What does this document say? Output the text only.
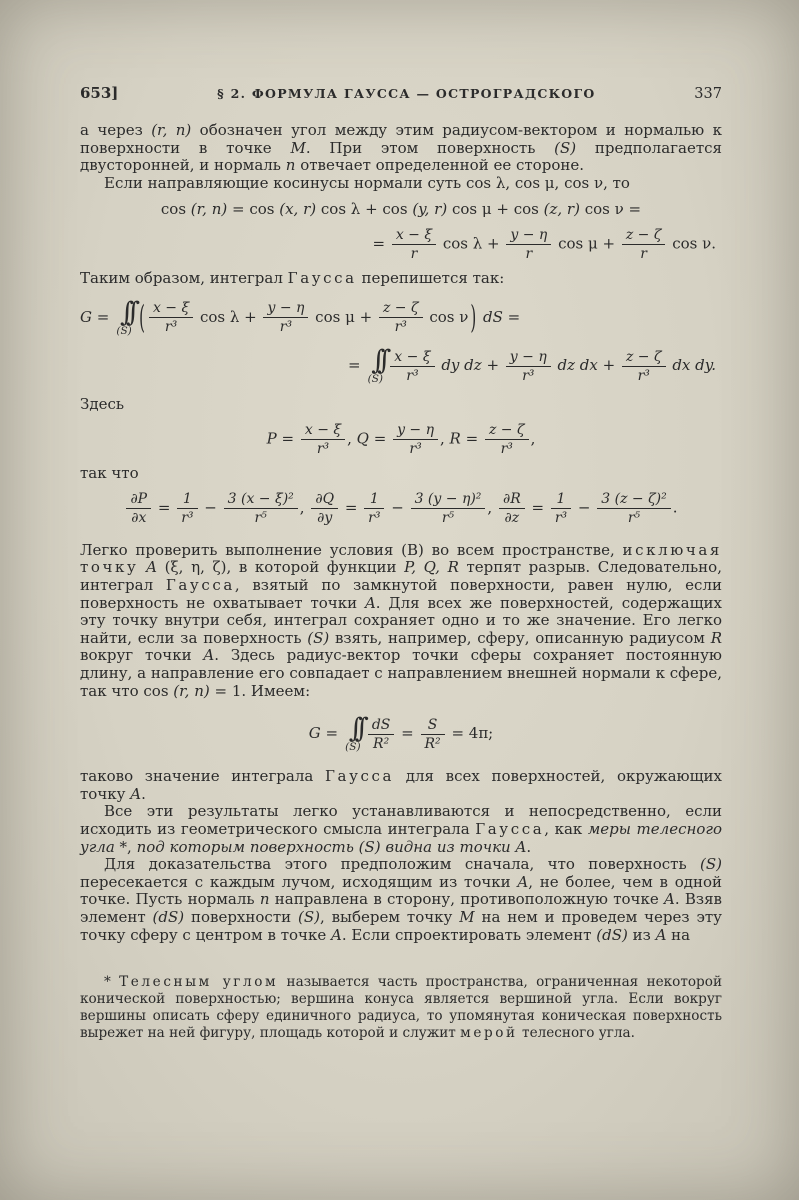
653]	§ 2. ФОРМУЛА ГАУССА — ОСТРОГРАДСКОГО	337

а через (r, n) обозначен угол между этим радиусом-вектором и нормалью к поверхности в точке M. При этом поверхность (S) предполагается двусторонней, и нормаль n отвечает определенной ее стороне.

Если направляющие косинусы нормали суть cos λ, cos μ, cos ν, то

cos (r, n) = cos (x, r) cos λ + cos (y, r) cos μ + cos (z, r) cos ν =
= $\frac{x - \xi}{r}$ $\cos \lambda + \frac{y - \eta}{r}$ $\cos \mu + \frac{z - \zeta}{r}$ cos ν.

Таким образом, интеграл Гаусса перепишется так:

G = ∫∫
(S) ( $\frac{x - \xi}{\text{r³}}$ $\cos \lambda + \frac{y - \eta}{\text{r³}}$ $\cos \mu + \frac{z - \zeta}{\text{r³}}$ cos ν ) dS =
= ∫∫
$(S) \frac{x - \xi}{\text{r³}}$ dy dz + $\frac{y - \eta}{\text{r³}}$ dz dx + $\frac{z - \zeta}{\text{r³}}$ dx dy.

Здесь

$P = \frac{x - \xi}{\text{r³}}$ , $Q = \frac{y - \eta}{\text{r³}}$ , $R = \frac{z - \zeta}{\text{r³}}$ ,

так что

$\frac{\partial P}{\partial x} = \frac{1}{\text{r³}} - \frac{\text{3 (x − ξ)²}}{\text{r⁵}}$ , $\frac{\partial Q}{\partial y} = \frac{1}{\text{r³}} - \frac{\text{3 (y − η)²}}{\text{r⁵}}$ , $\frac{\partial R}{\partial z} = \frac{1}{\text{r³}} - \frac{\text{3 (z − ζ)²}}{\text{r⁵}}$ .

Легко проверить выполнение условия (В) во всем пространстве, исключая точку A (ξ, η, ζ), в которой функции P, Q, R терпят разрыв. Следовательно, интеграл Гаусса, взятый по замкнутой поверхности, равен нулю, если поверхность не охватывает точки A. Для всех же поверхностей, содержащих эту точку внутри себя, интеграл сохраняет одно и то же значение. Его легко найти, если за поверхность (S) взять, например, сферу, описанную радиусом R вокруг точки A. Здесь радиус-вектор точки сферы сохраняет постоянную длину, а направление его совпадает с направлением внешней нормали к сфере, так что cos (r, n) = 1. Имеем:

G = ∫∫
$(S) \frac{dS}{\text{R²}} = \frac{S}{\text{R²}} = 4\pi$;

таково значение интеграла Гаусса для всех поверхностей, окружающих точку A.

Все эти результаты легко устанавливаются и непосредственно, если исходить из геометрического смысла интеграла Гаусса, как меры телесного угла *, под которым поверхность (S) видна из точки A.

Для доказательства этого предположим сначала, что поверхность (S) пересекается с каждым лучом, исходящим из точки A, не более, чем в одной точке. Пусть нормаль n направлена в сторону, противоположную точке A. Взяв элемент (dS) поверхности (S), выберем точку M на нем и проведем через эту точку сферу с центром в точке A. Если спроектировать элемент (dS) из A на

* Телесным углом называется часть пространства, ограниченная некоторой конической поверхностью; вершина конуса является вершиной угла. Если вокруг вершины описать сферу единичного радиуса, то упомянутая коническая поверхность вырежет на ней фигуру, площадь которой и служит мерой телесного угла.
